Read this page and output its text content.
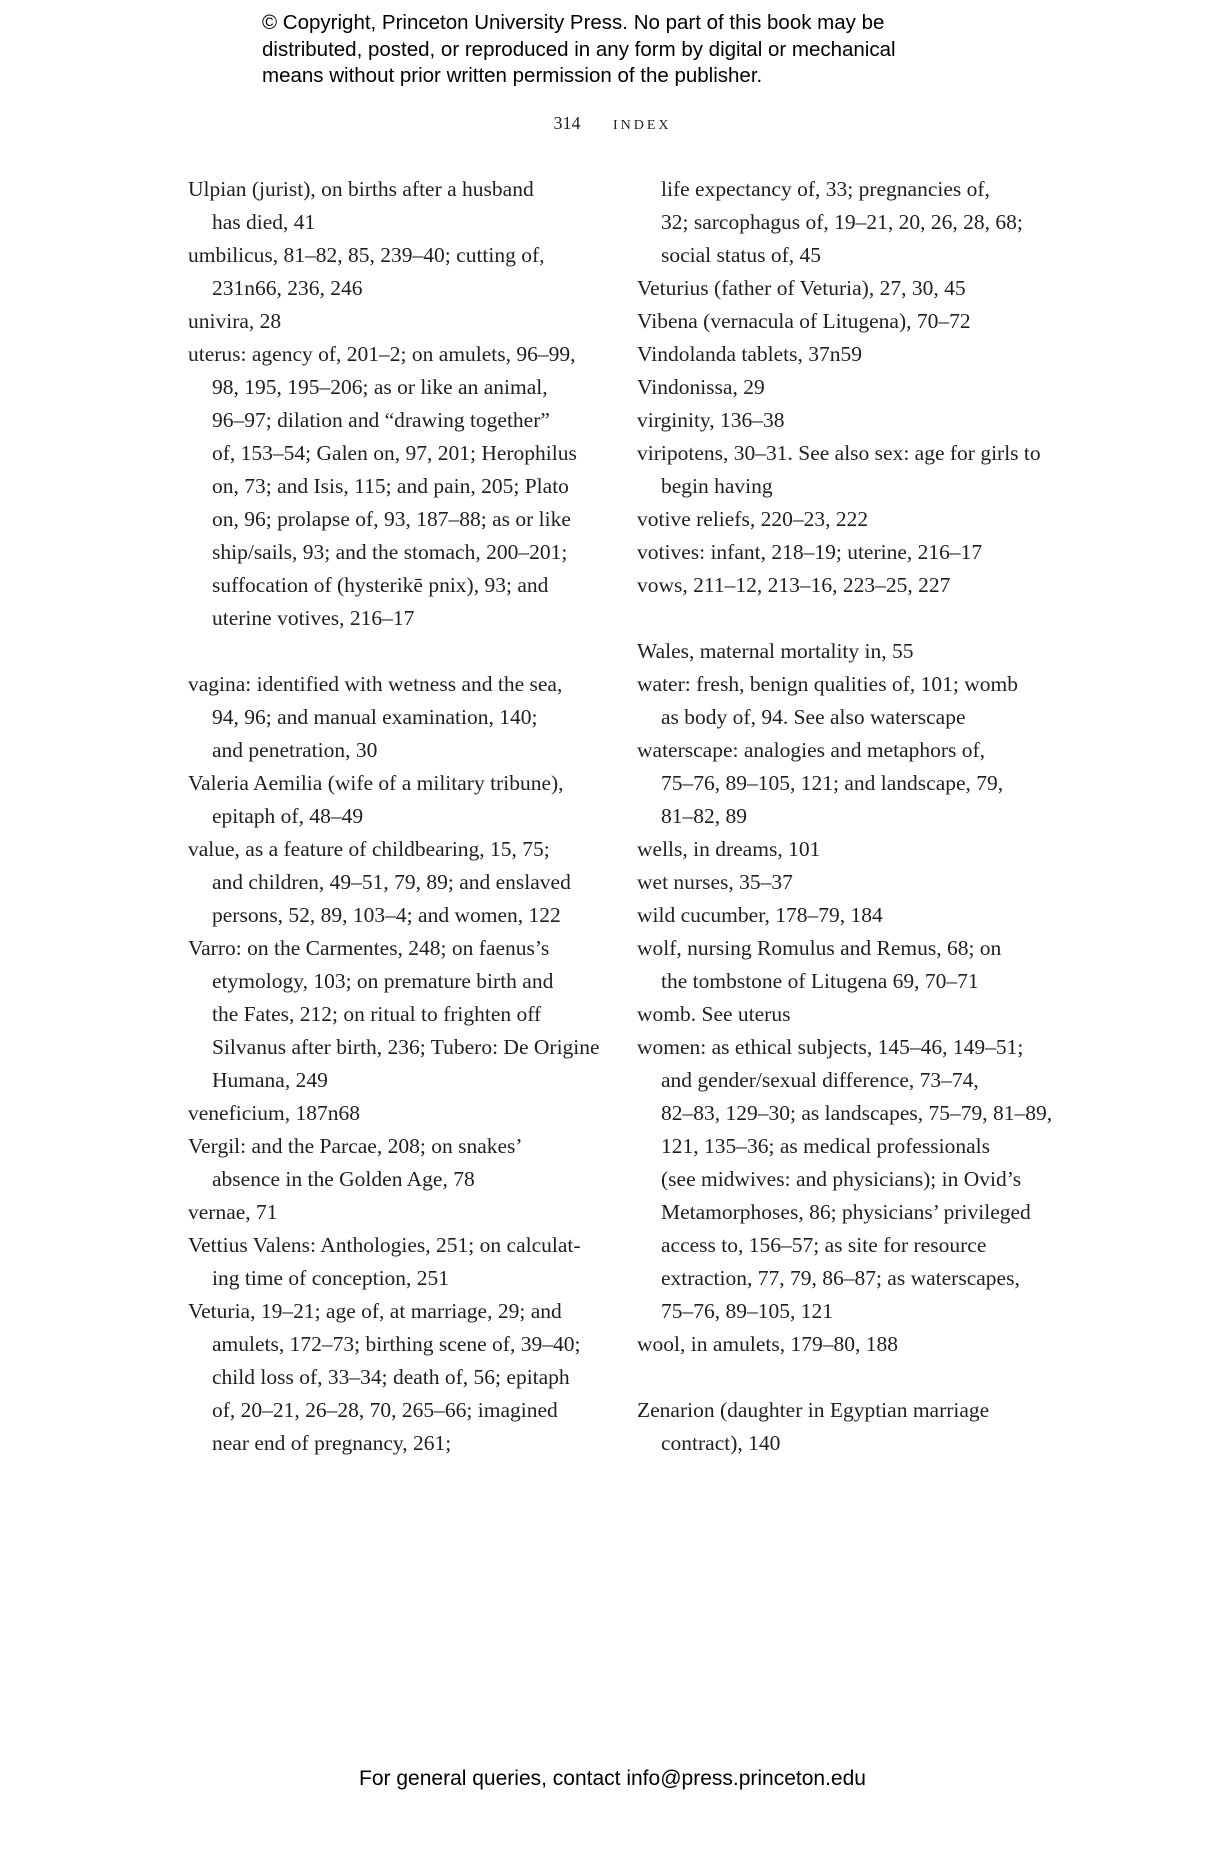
© Copyright, Princeton University Press. No part of this book may be
distributed, posted, or reproduced in any form by digital or mechanical
means without prior written permission of the publisher.
314 index
Ulpian (jurist), on births after a husband
has died, 41
umbilicus, 81–82, 85, 239–40; cutting of,
231n66, 236, 246
univira, 28
uterus: agency of, 201–2; on amulets, 96–99,
98, 195, 195–206; as or like an animal,
96–97; dilation and “drawing together”
of, 153–54; Galen on, 97, 201; Herophilus
on, 73; and Isis, 115; and pain, 205; Plato
on, 96; prolapse of, 93, 187–88; as or like
ship/sails, 93; and the stomach, 200–201;
suffocation of (hysterikē pnix), 93; and
uterine votives, 216–17
vagina: identified with wetness and the sea,
94, 96; and manual examination, 140;
and penetration, 30
Valeria Aemilia (wife of a military tribune),
epitaph of, 48–49
value, as a feature of childbearing, 15, 75;
and children, 49–51, 79, 89; and enslaved
persons, 52, 89, 103–4; and women, 122
Varro: on the Carmentes, 248; on faenus’s
etymology, 103; on premature birth and
the Fates, 212; on ritual to frighten off
Silvanus after birth, 236; Tubero: De Origine
Humana, 249
veneficium, 187n68
Vergil: and the Parcae, 208; on snakes’
absence in the Golden Age, 78
vernae, 71
Vettius Valens: Anthologies, 251; on calculat-
ing time of conception, 251
Veturia, 19–21; age of, at marriage, 29; and
amulets, 172–73; birthing scene of, 39–40;
child loss of, 33–34; death of, 56; epitaph
of, 20–21, 26–28, 70, 265–66; imagined
near end of pregnancy, 261;
life expectancy of, 33; pregnancies of,
32; sarcophagus of, 19–21, 20, 26, 28, 68;
social status of, 45
Veturius (father of Veturia), 27, 30, 45
Vibena (vernacula of Litugena), 70–72
Vindolanda tablets, 37n59
Vindonissa, 29
virginity, 136–38
viripotens, 30–31. See also sex: age for girls to
begin having
votive reliefs, 220–23, 222
votives: infant, 218–19; uterine, 216–17
vows, 211–12, 213–16, 223–25, 227
Wales, maternal mortality in, 55
water: fresh, benign qualities of, 101; womb
as body of, 94. See also waterscape
waterscape: analogies and metaphors of,
75–76, 89–105, 121; and landscape, 79,
81–82, 89
wells, in dreams, 101
wet nurses, 35–37
wild cucumber, 178–79, 184
wolf, nursing Romulus and Remus, 68; on
the tombstone of Litugena 69, 70–71
womb. See uterus
women: as ethical subjects, 145–46, 149–51;
and gender/sexual difference, 73–74,
82–83, 129–30; as landscapes, 75–79, 81–89,
121, 135–36; as medical professionals
(see midwives: and physicians); in Ovid’s
Metamorphoses, 86; physicians’ privileged
access to, 156–57; as site for resource
extraction, 77, 79, 86–87; as waterscapes,
75–76, 89–105, 121
wool, in amulets, 179–80, 188
Zenarion (daughter in Egyptian marriage
contract), 140
For general queries, contact info@press.princeton.edu
